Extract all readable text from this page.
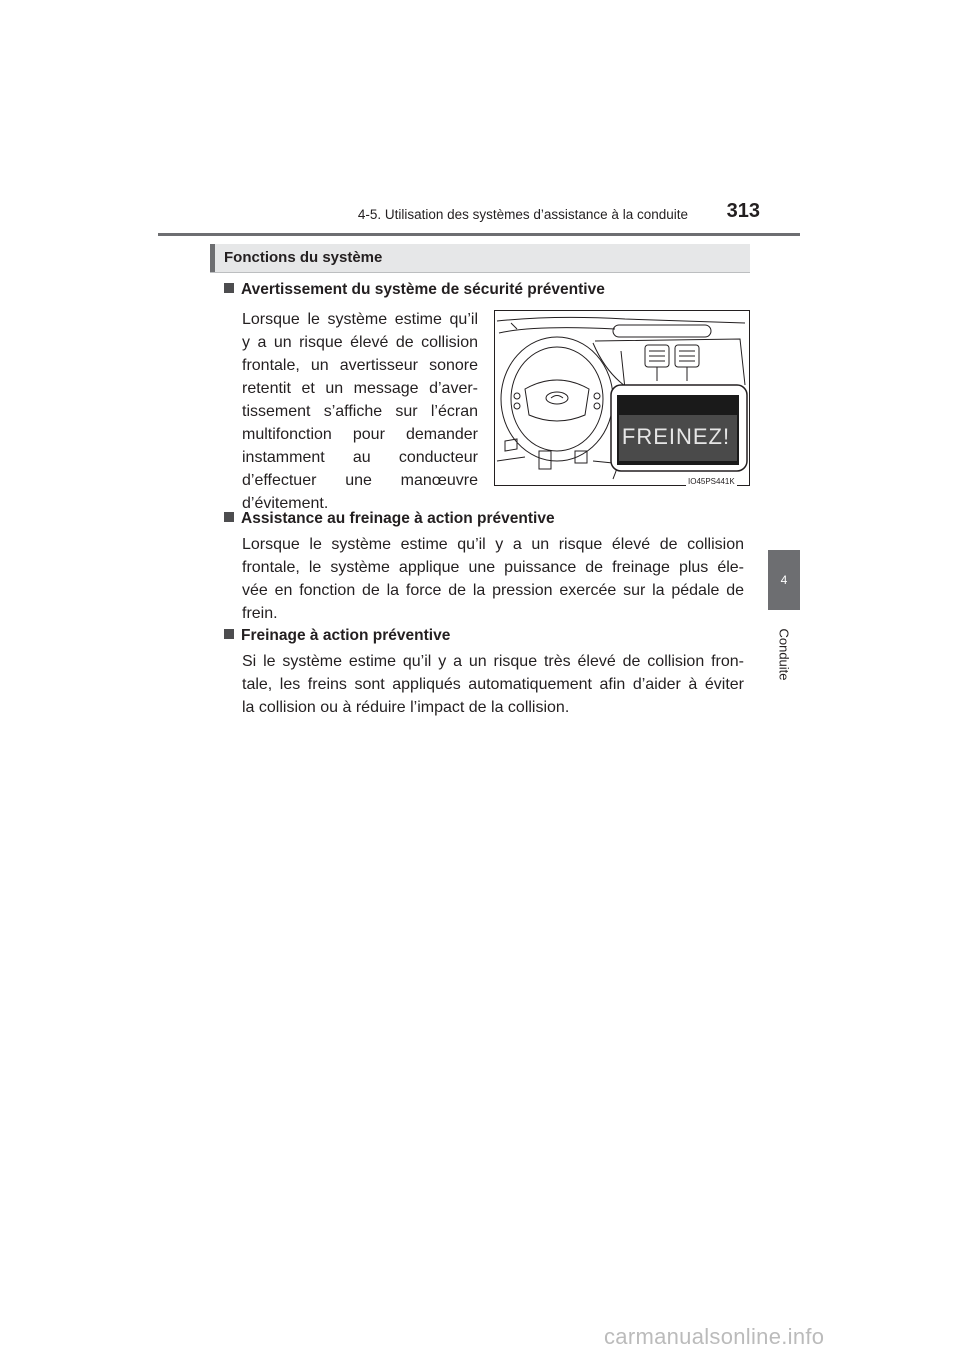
4-5. Utilisation des systèmes d’assistance à la conduite	313
4
Conduite
Fonctions du système
Avertissement du système de sécurité préventive
Lorsque le système estime qu’il
y a un risque élevé de collision
frontale, un avertisseur sonore
retentit et un message d’aver-
tissement s’affiche sur l’écran
multifonction pour demander
instamment au conducteur
d’effectuer une manœuvre
d’évitement.
FREINEZ!
IO45PS441K
Assistance au freinage à action préventive
Lorsque le système estime qu’il y a un risque élevé de collision
frontale, le système applique une puissance de freinage plus éle-
vée en fonction de la force de la pression exercée sur la pédale de
frein.
Freinage à action préventive
Si le système estime qu’il y a un risque très élevé de collision fron-
tale, les freins sont appliqués automatiquement afin d’aider à éviter
la collision ou à réduire l’impact de la collision.
carmanualsonline.info
